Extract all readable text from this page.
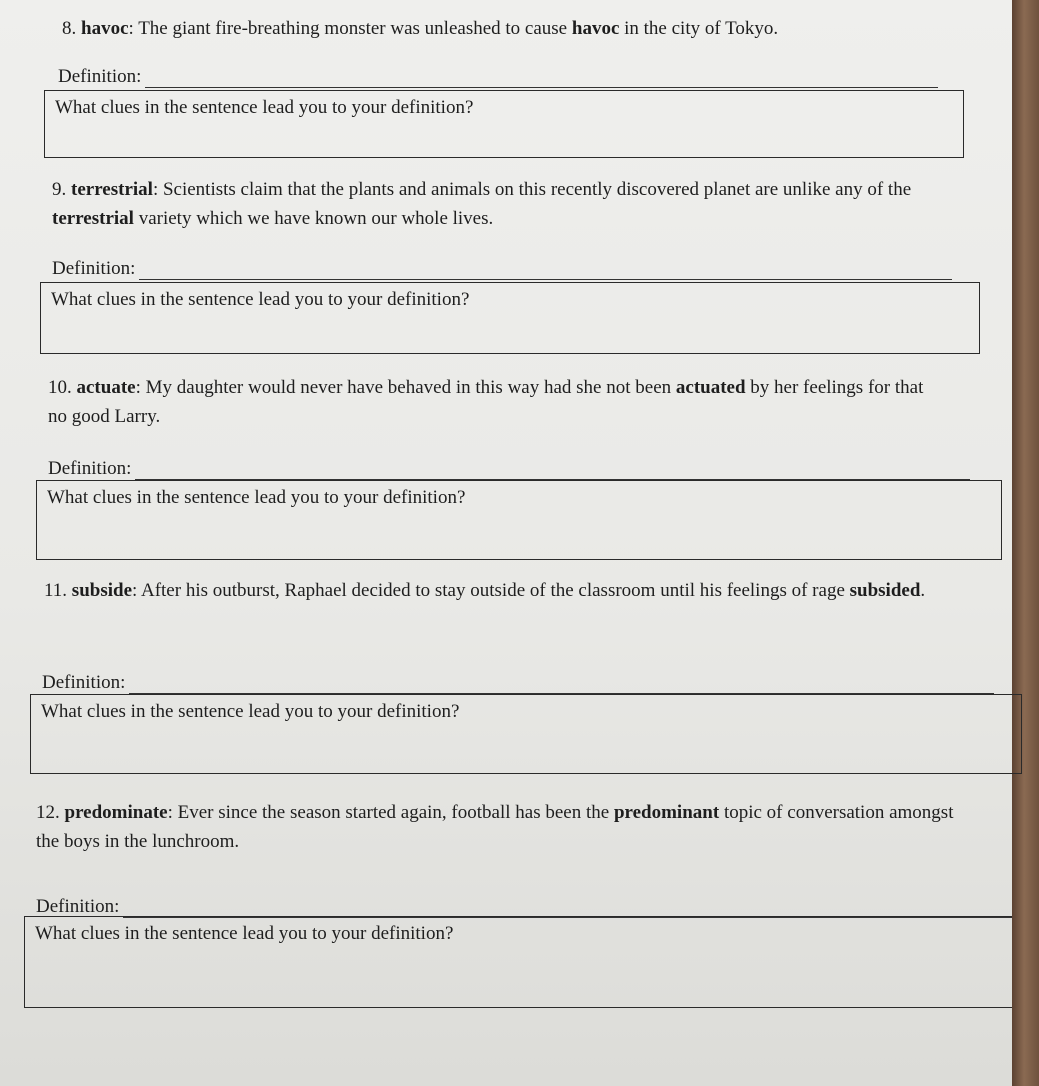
8. havoc: The giant fire-breathing monster was unleashed to cause havoc in the city of Tokyo.
Definition:
What clues in the sentence lead you to your definition?
9. terrestrial: Scientists claim that the plants and animals on this recently discovered planet are unlike any of the terrestrial variety which we have known our whole lives.
Definition:
What clues in the sentence lead you to your definition?
10. actuate: My daughter would never have behaved in this way had she not been actuated by her feelings for that no good Larry.
Definition:
What clues in the sentence lead you to your definition?
11. subside: After his outburst, Raphael decided to stay outside of the classroom until his feelings of rage subsided.
Definition:
What clues in the sentence lead you to your definition?
12. predominate: Ever since the season started again, football has been the predominant topic of conversation amongst the boys in the lunchroom.
Definition:
What clues in the sentence lead you to your definition?
